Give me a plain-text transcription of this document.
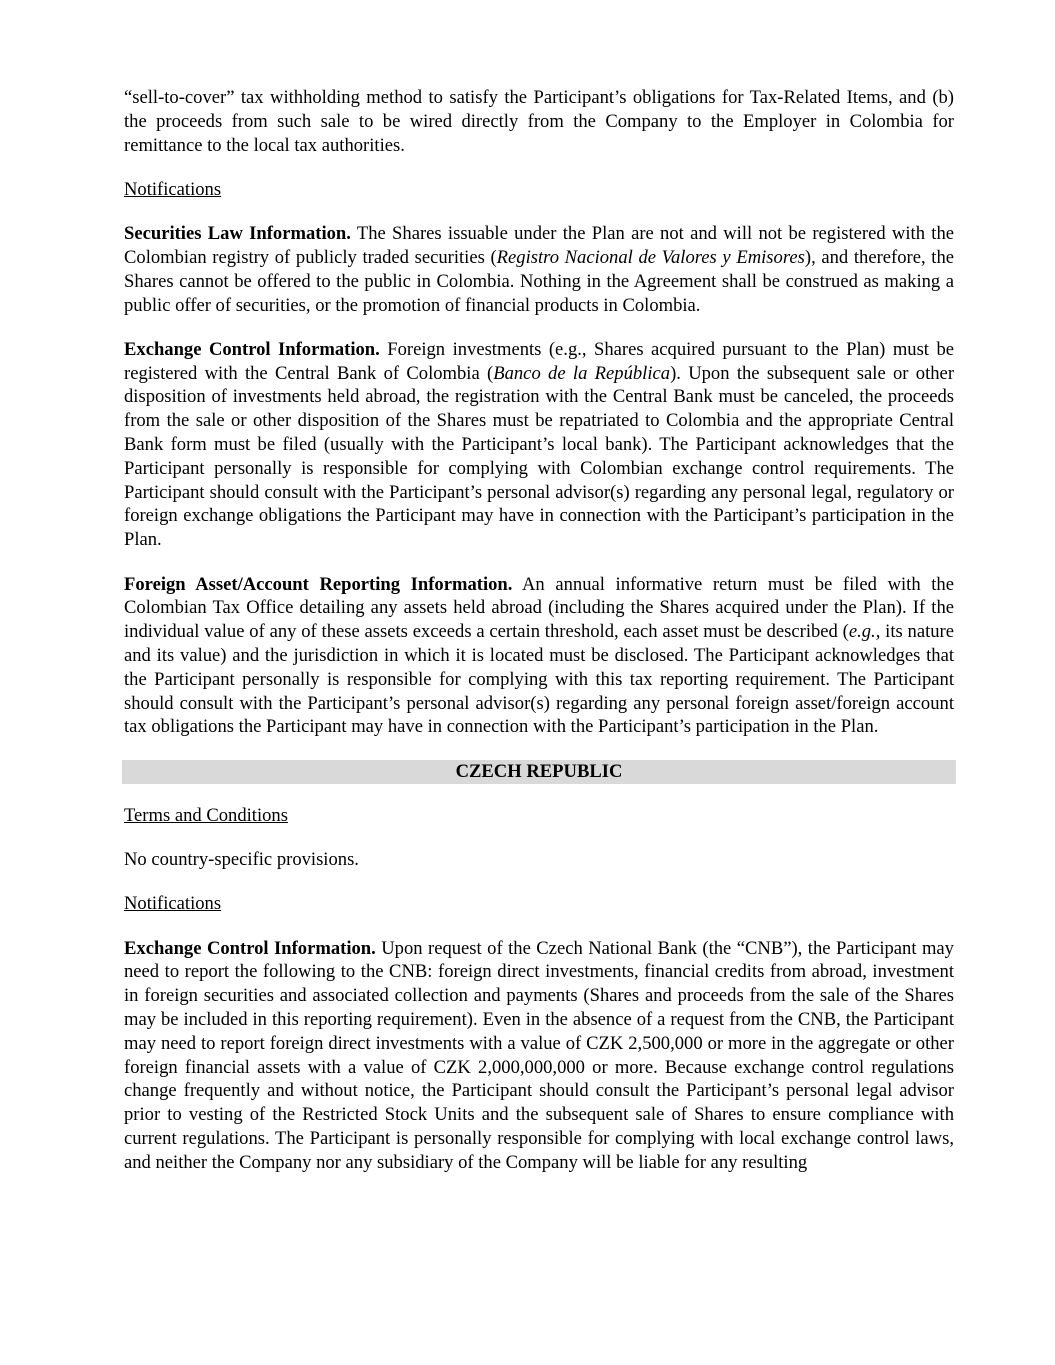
“sell-to-cover” tax withholding method to satisfy the Participant’s obligations for Tax-Related Items, and (b) the proceeds from such sale to be wired directly from the Company to the Employer in Colombia for remittance to the local tax authorities.

Notifications

Securities Law Information. The Shares issuable under the Plan are not and will not be registered with the Colombian registry of publicly traded securities (Registro Nacional de Valores y Emisores), and therefore, the Shares cannot be offered to the public in Colombia. Nothing in the Agreement shall be construed as making a public offer of securities, or the promotion of financial products in Colombia.

Exchange Control Information. Foreign investments (e.g., Shares acquired pursuant to the Plan) must be registered with the Central Bank of Colombia (Banco de la República). Upon the subsequent sale or other disposition of investments held abroad, the registration with the Central Bank must be canceled, the proceeds from the sale or other disposition of the Shares must be repatriated to Colombia and the appropriate Central Bank form must be filed (usually with the Participant’s local bank). The Participant acknowledges that the Participant personally is responsible for complying with Colombian exchange control requirements. The Participant should consult with the Participant’s personal advisor(s) regarding any personal legal, regulatory or foreign exchange obligations the Participant may have in connection with the Participant’s participation in the Plan.

Foreign Asset/Account Reporting Information. An annual informative return must be filed with the Colombian Tax Office detailing any assets held abroad (including the Shares acquired under the Plan). If the individual value of any of these assets exceeds a certain threshold, each asset must be described (e.g., its nature and its value) and the jurisdiction in which it is located must be disclosed. The Participant acknowledges that the Participant personally is responsible for complying with this tax reporting requirement. The Participant should consult with the Participant’s personal advisor(s) regarding any personal foreign asset/foreign account tax obligations the Participant may have in connection with the Participant’s participation in the Plan.

CZECH REPUBLIC

Terms and Conditions

No country-specific provisions.

Notifications

Exchange Control Information. Upon request of the Czech National Bank (the “CNB”), the Participant may need to report the following to the CNB: foreign direct investments, financial credits from abroad, investment in foreign securities and associated collection and payments (Shares and proceeds from the sale of the Shares may be included in this reporting requirement). Even in the absence of a request from the CNB, the Participant may need to report foreign direct investments with a value of CZK 2,500,000 or more in the aggregate or other foreign financial assets with a value of CZK 2,000,000,000 or more. Because exchange control regulations change frequently and without notice, the Participant should consult the Participant’s personal legal advisor prior to vesting of the Restricted Stock Units and the subsequent sale of Shares to ensure compliance with current regulations. The Participant is personally responsible for complying with local exchange control laws, and neither the Company nor any subsidiary of the Company will be liable for any resulting
